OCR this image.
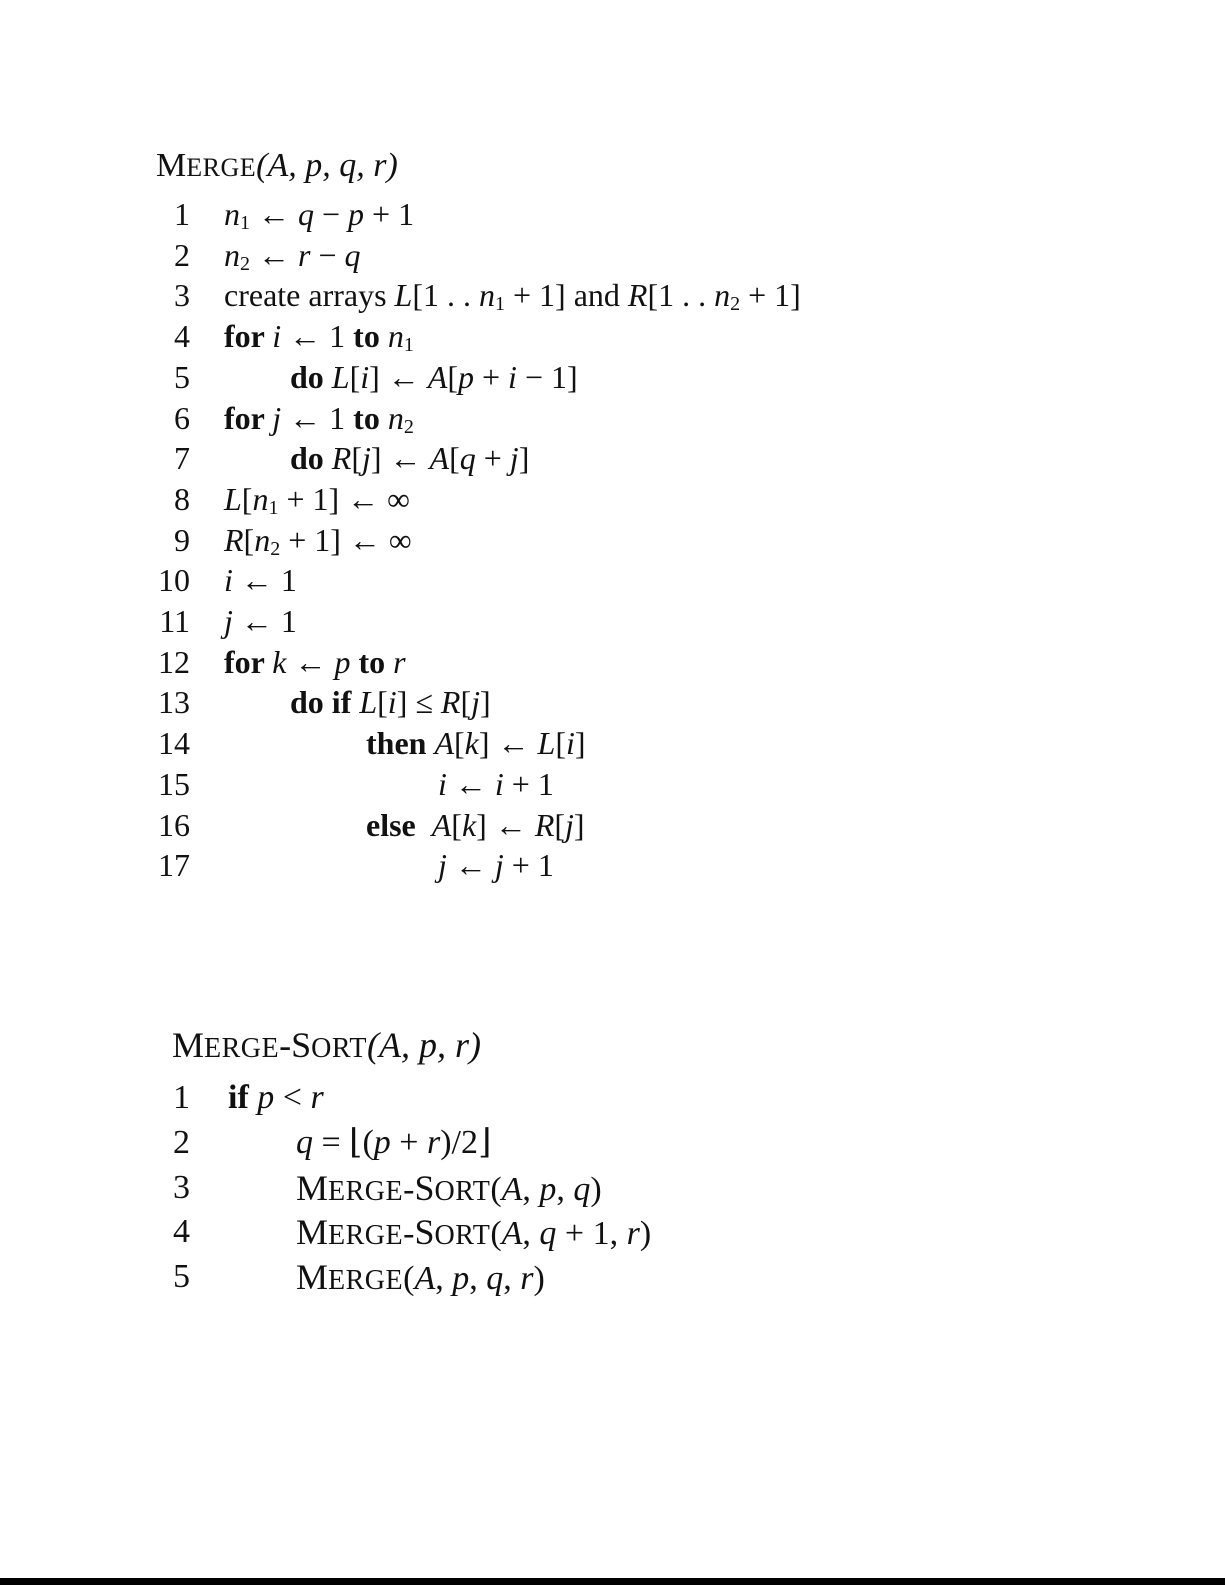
MERGE(A, p, q, r)
1 $n_1$ ← q − p + 1
2 $n_2$ ← r − q
3 create arrays L[1 . . $n_1 + 1$] and R[1 . . $n_2 + 1$]
4 for i ← 1 to $n_1$
5	do L[i] ← A[p + i − 1]
6 for j ← 1 to $n_2$
7	do R[j] ← A[q + j]
8 $L[n_1 + 1]$ ← ∞
9 $R[n_2 + 1]$ ← ∞
10 i ← 1
11 j ← 1
12 for k ← p to r
13	do if L[i] ≤ R[j]
14	then A[k] ← L[i]
15	i ← i + 1
16	else  A[k] ← R[j]
17	j ← j + 1
MERGE-SORT(A, p, r)
1 if p < r
2	q = ⌊(p + r)/2⌋
3	MERGE-SORT(A, p, q)
4	MERGE-SORT(A, q + 1, r)
5	MERGE(A, p, q, r)
